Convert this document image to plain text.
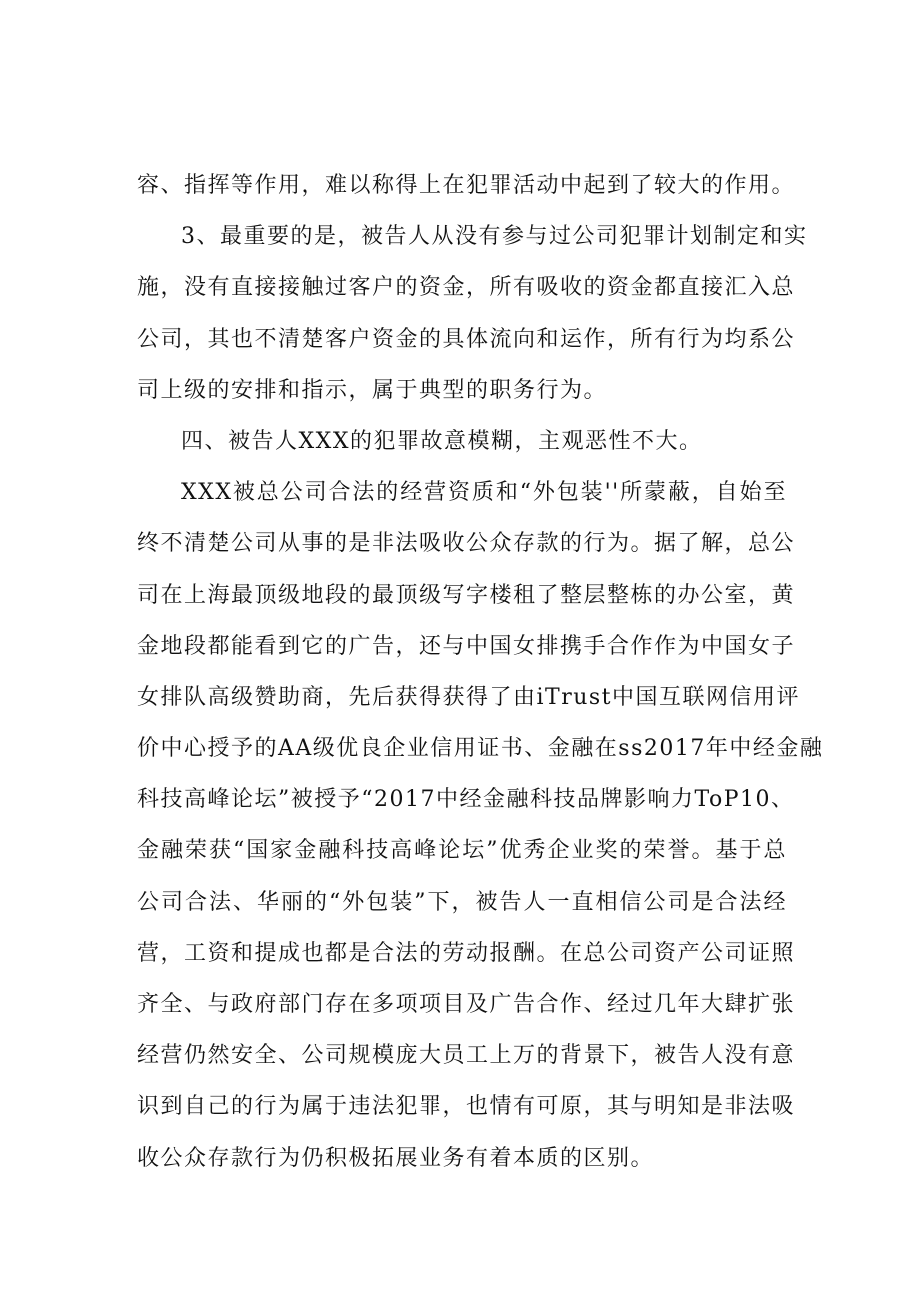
容、指挥等作用，难以称得上在犯罪活动中起到了较大的作用。
3、最重要的是，被告人从没有参与过公司犯罪计划制定和实
施，没有直接接触过客户的资金，所有吸收的资金都直接汇入总
公司，其也不清楚客户资金的具体流向和运作，所有行为均系公
司上级的安排和指示，属于典型的职务行为。
四、被告人XXX的犯罪故意模糊，主观恶性不大。
XXX被总公司合法的经营资质和“外包装''所蒙蔽，自始至
终不清楚公司从事的是非法吸收公众存款的行为。据了解，总公
司在上海最顶级地段的最顶级写字楼租了整层整栋的办公室，黄
金地段都能看到它的广告，还与中国女排携手合作作为中国女子
女排队高级赞助商，先后获得获得了由iTrust中国互联网信用评
价中心授予的AA级优良企业信用证书、金融在ss2017年中经金融
科技高峰论坛”被授予“2017中经金融科技品牌影响力ToP10、
金融荣获“国家金融科技高峰论坛”优秀企业奖的荣誉。基于总
公司合法、华丽的“外包装”下，被告人一直相信公司是合法经
营，工资和提成也都是合法的劳动报酬。在总公司资产公司证照
齐全、与政府部门存在多项项目及广告合作、经过几年大肆扩张
经营仍然安全、公司规模庞大员工上万的背景下，被告人没有意
识到自己的行为属于违法犯罪，也情有可原，其与明知是非法吸
收公众存款行为仍积极拓展业务有着本质的区别。
